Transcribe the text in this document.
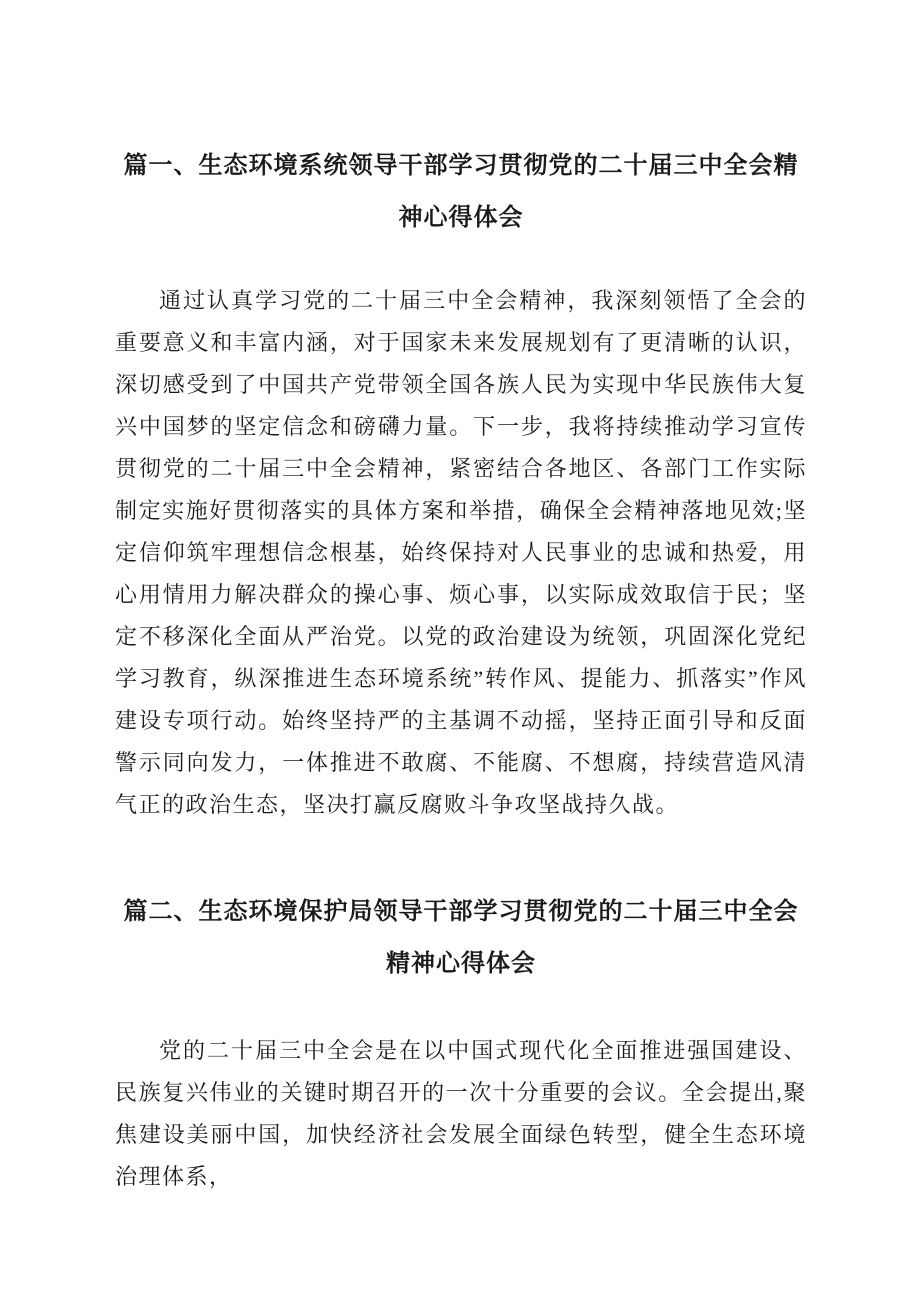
篇一、生态环境系统领导干部学习贯彻党的二十届三中全会精神心得体会

通过认真学习党的二十届三中全会精神，我深刻领悟了全会的重要意义和丰富内涵，对于国家未来发展规划有了更清晰的认识，深切感受到了中国共产党带领全国各族人民为实现中华民族伟大复兴中国梦的坚定信念和磅礴力量。下一步，我将持续推动学习宣传贯彻党的二十届三中全会精神，紧密结合各地区、各部门工作实际制定实施好贯彻落实的具体方案和举措，确保全会精神落地见效;坚定信仰筑牢理想信念根基，始终保持对人民事业的忠诚和热爱，用心用情用力解决群众的操心事、烦心事，以实际成效取信于民；坚定不移深化全面从严治党。以党的政治建设为统领，巩固深化党纪学习教育，纵深推进生态环境系统”转作风、提能力、抓落实”作风建设专项行动。始终坚持严的主基调不动摇，坚持正面引导和反面警示同向发力，一体推进不敢腐、不能腐、不想腐，持续营造风清气正的政治生态，坚决打赢反腐败斗争攻坚战持久战。

篇二、生态环境保护局领导干部学习贯彻党的二十届三中全会精神心得体会

党的二十届三中全会是在以中国式现代化全面推进强国建设、民族复兴伟业的关键时期召开的一次十分重要的会议。全会提出,聚焦建设美丽中国，加快经济社会发展全面绿色转型，健全生态环境治理体系，
